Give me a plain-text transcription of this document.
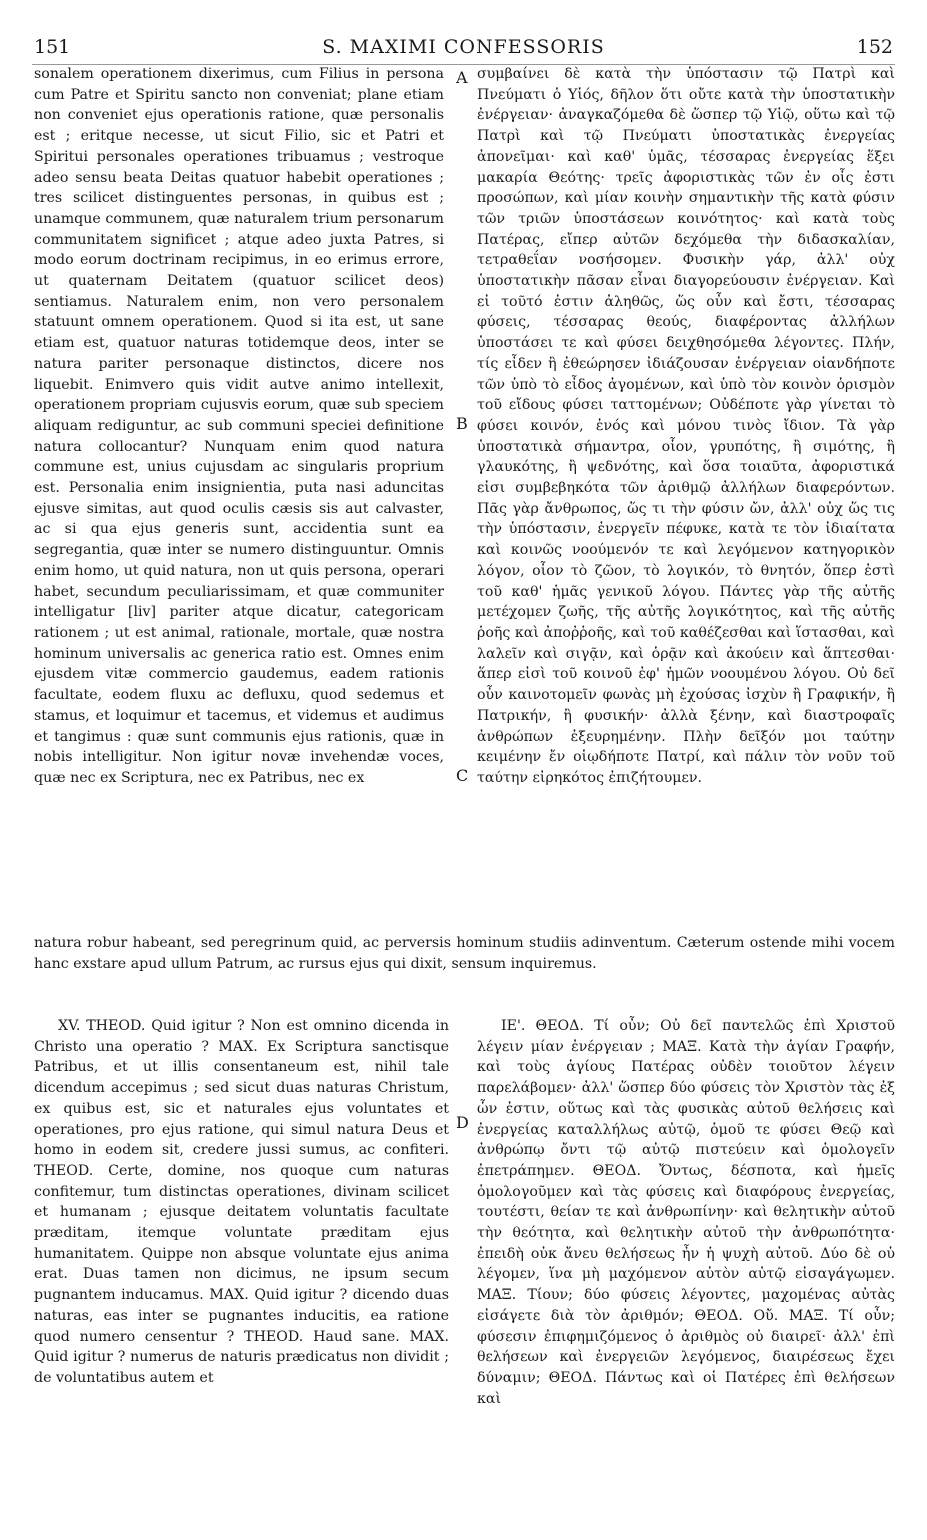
151	S. MAXIMI CONFESSORIS	152

sonalem operationem dixerimus, cum Filius in persona cum Patre et Spiritu sancto non conveniat; plane etiam non conveniet ejus operationis ratione, quæ personalis est ; eritque necesse, ut sicut Filio, sic et Patri et Spiritui personales operationes tribuamus ; vestroque adeo sensu beata Deitas quatuor habebit operationes ; tres scilicet distinguentes personas, in quibus est ; unamque communem, quæ naturalem trium personarum communitatem significet ; atque adeo juxta Patres, si modo eorum doctrinam recipimus, in eo erimus errore, ut quaternam Deitatem (quatuor scilicet deos) sentiamus. Naturalem enim, non vero personalem statuunt omnem operationem. Quod si ita est, ut sane etiam est, quatuor naturas totidemque deos, inter se natura pariter personaque distinctos, dicere nos liquebit. Enimvero quis vidit autve animo intellexit, operationem propriam cujusvis eorum, quæ sub speciem aliquam rediguntur, ac sub communi speciei definitione natura collocantur? Nunquam enim quod natura commune est, unius cujusdam ac singularis proprium est. Personalia enim insignientia, puta nasi aduncitas ejusve simitas, aut quod oculis cæsis sis aut calvaster, ac si qua ejus generis sunt, accidentia sunt ea segregantia, quæ inter se numero distinguuntur. Omnis enim homo, ut quid natura, non ut quis persona, operari habet, secundum peculiarissimam, et quæ communiter intelligatur [liv] pariter atque dicatur, categoricam rationem ; ut est animal, rationale, mortale, quæ nostra hominum universalis ac generica ratio est. Omnes enim ejusdem vitæ commercio gaudemus, eadem rationis facultate, eodem fluxu ac defluxu, quod sedemus et stamus, et loquimur et tacemus, et videmus et audimus et tangimus : quæ sunt communis ejus rationis, quæ in nobis intelligitur. Non igitur novæ invehendæ voces, quæ nec ex Scriptura, nec ex Patribus, nec ex

συμβαίνει δὲ κατὰ τὴν ὑπόστασιν τῷ Πατρὶ καὶ Πνεύματι ὁ Υἱός, δῆλον ὅτι οὔτε κατὰ τὴν ὑποστατικὴν ἐνέργειαν· ἀναγκαζόμεθα δὲ ὥσπερ τῷ Υἱῷ, οὕτω καὶ τῷ Πατρὶ καὶ τῷ Πνεύματι ὑποστατικὰς ἐνεργείας ἀπονεῖμαι· καὶ καθ' ὑμᾶς, τέσσαρας ἐνεργείας ἕξει μακαρία Θεότης· τρεῖς ἀφοριστικὰς τῶν ἐν οἷς ἐστι προσώπων, καὶ μίαν κοινὴν σημαντικὴν τῆς κατὰ φύσιν τῶν τριῶν ὑποστάσεων κοινότητος· καὶ κατὰ τοὺς Πατέρας, εἴπερ αὐτῶν δεχόμεθα τὴν διδασκαλίαν, τετραθεΐαν νοσήσομεν. Φυσικὴν γάρ, ἀλλ' οὐχ ὑποστατικὴν πᾶσαν εἶναι διαγορεύουσιν ἐνέργειαν. Καὶ εἰ τοῦτό ἐστιν ἀληθῶς, ὥς οὖν καὶ ἔστι, τέσσαρας φύσεις, τέσσαρας θεούς, διαφέροντας ἀλλήλων ὑποστάσει τε καὶ φύσει δειχθησόμεθα λέγοντες. Πλήν, τίς εἶδεν ἢ ἐθεώρησεν ἰδιάζουσαν ἐνέργειαν οἱανδήποτε τῶν ὑπὸ τὸ εἶδος ἀγομένων, καὶ ὑπὸ τὸν κοινὸν ὁρισμὸν τοῦ εἴδους φύσει ταττομένων; Οὐδέποτε γὰρ γίνεται τὸ φύσει κοινόν, ἑνός καὶ μόνου τινὸς ἴδιον. Τὰ γὰρ ὑποστατικὰ σήμαντρα, οἷον, γρυπότης, ἢ σιμότης, ἢ γλαυκότης, ἢ ψεδνότης, καὶ ὅσα τοιαῦτα, ἀφοριστικά εἰσι συμβεβηκότα τῶν ἀριθμῷ ἀλλήλων διαφερόντων. Πᾶς γὰρ ἄνθρωπος, ὥς τι τὴν φύσιν ὤν, ἀλλ' οὐχ ὥς τις τὴν ὑπόστασιν, ἐνεργεῖν πέφυκε, κατὰ τε τὸν ἰδιαίτατα καὶ κοινῶς νοούμενόν τε καὶ λεγόμενον κατηγορικὸν λόγον, οἷον τὸ ζῶον, τὸ λογικόν, τὸ θνητόν, ὅπερ ἐστὶ τοῦ καθ' ἡμᾶς γενικοῦ λόγου. Πάντες γὰρ τῆς αὐτῆς μετέχομεν ζωῆς, τῆς αὐτῆς λογικότητος, καὶ τῆς αὐτῆς ῥοῆς καὶ ἀποῤῥοῆς, καὶ τοῦ καθέζεσθαι καὶ ἵστασθαι, καὶ λαλεῖν καὶ σιγᾷν, καὶ ὁρᾷν καὶ ἀκούειν καὶ ἅπτεσθαι· ἅπερ εἰσὶ τοῦ κοινοῦ ἐφ' ἡμῶν νοουμένου λόγου. Οὐ δεῖ οὖν καινοτομεῖν φωνὰς μὴ ἐχούσας ἰσχὺν ἢ Γραφικήν, ἢ Πατρικήν, ἢ φυσικήν· ἀλλὰ ξένην, καὶ διαστροφαῖς ἀνθρώπων ἐξευρημένην. Πλὴν δεῖξόν μοι ταύτην κειμένην ἔν οἱῳδήποτε Πατρί, καὶ πάλιν τὸν νοῦν τοῦ ταύτην εἰρηκότος ἐπιζήτουμεν.

natura robur habeant, sed peregrinum quid, ac perversis hominum studiis adinventum. Cæterum ostende mihi vocem hanc exstare apud ullum Patrum, ac rursus ejus qui dixit, sensum inquiremus.

XV. THEOD. Quid igitur ? Non est omnino dicenda in Christo una operatio ? MAX. Ex Scriptura sanctisque Patribus, et ut illis consentaneum est, nihil tale dicendum accepimus ; sed sicut duas naturas Christum, ex quibus est, sic et naturales ejus voluntates et operationes, pro ejus ratione, qui simul natura Deus et homo in eodem sit, credere jussi sumus, ac confiteri. THEOD. Certe, domine, nos quoque cum naturas confitemur, tum distinctas operationes, divinam scilicet et humanam ; ejusque deitatem voluntatis facultate præditam, itemque voluntate præditam ejus humanitatem. Quippe non absque voluntate ejus anima erat. Duas tamen non dicimus, ne ipsum secum pugnantem inducamus. MAX. Quid igitur ? dicendo duas naturas, eas inter se pugnantes inducitis, ea ratione quod numero censentur ? THEOD. Haud sane. MAX. Quid igitur ? numerus de naturis prædicatus non dividit ; de voluntatibus autem et

ΙΕ'. ΘΕΟΔ. Τί οὖν; Οὐ δεῖ παντελῶς ἐπὶ Χριστοῦ λέγειν μίαν ἐνέργειαν ; ΜΑΞ. Κατὰ τὴν ἁγίαν Γραφήν, καὶ τοὺς ἁγίους Πατέρας οὐδὲν τοιοῦτον λέγειν παρελάβομεν· ἀλλ' ὥσπερ δύο φύσεις τὸν Χριστὸν τὰς ἐξ ὧν ἐστιν, οὕτως καὶ τὰς φυσικὰς αὐτοῦ θελήσεις καὶ ἐνεργείας καταλλήλως αὐτῷ, ὁμοῦ τε φύσει Θεῷ καὶ ἀνθρώπῳ ὄντι τῷ αὐτῷ πιστεύειν καὶ ὁμολογεῖν ἐπετράπημεν. ΘΕΟΔ. Ὄντως, δέσποτα, καὶ ἡμεῖς ὁμολογοῦμεν καὶ τὰς φύσεις καὶ διαφόρους ἐνεργείας, τουτέστι, θείαν τε καὶ ἀνθρωπίνην· καὶ θελητικὴν αὐτοῦ τὴν θεότητα, καὶ θελητικὴν αὐτοῦ τὴν ἀνθρωπότητα· ἐπειδὴ οὐκ ἄνευ θελήσεως ἦν ἡ ψυχὴ αὐτοῦ. Δύο δὲ οὐ λέγομεν, ἵνα μὴ μαχόμενον αὐτὸν αὐτῷ εἰσαγάγωμεν. ΜΑΞ. Τίουν; δύο φύσεις λέγοντες, μαχομένας αὐτὰς εἰσάγετε διὰ τὸν ἀριθμόν; ΘΕΟΔ. Οὔ. ΜΑΞ. Τί οὖν; φύσεσιν ἐπιφημιζόμενος ὁ ἀριθμὸς οὐ διαιρεῖ· ἀλλ' ἐπὶ θελήσεων καὶ ἐνεργειῶν λεγόμενος, διαιρέσεως ἔχει δύναμιν; ΘΕΟΔ. Πάντως καὶ οἱ Πατέρες ἐπὶ θελήσεων καὶ

A
B
C
D
